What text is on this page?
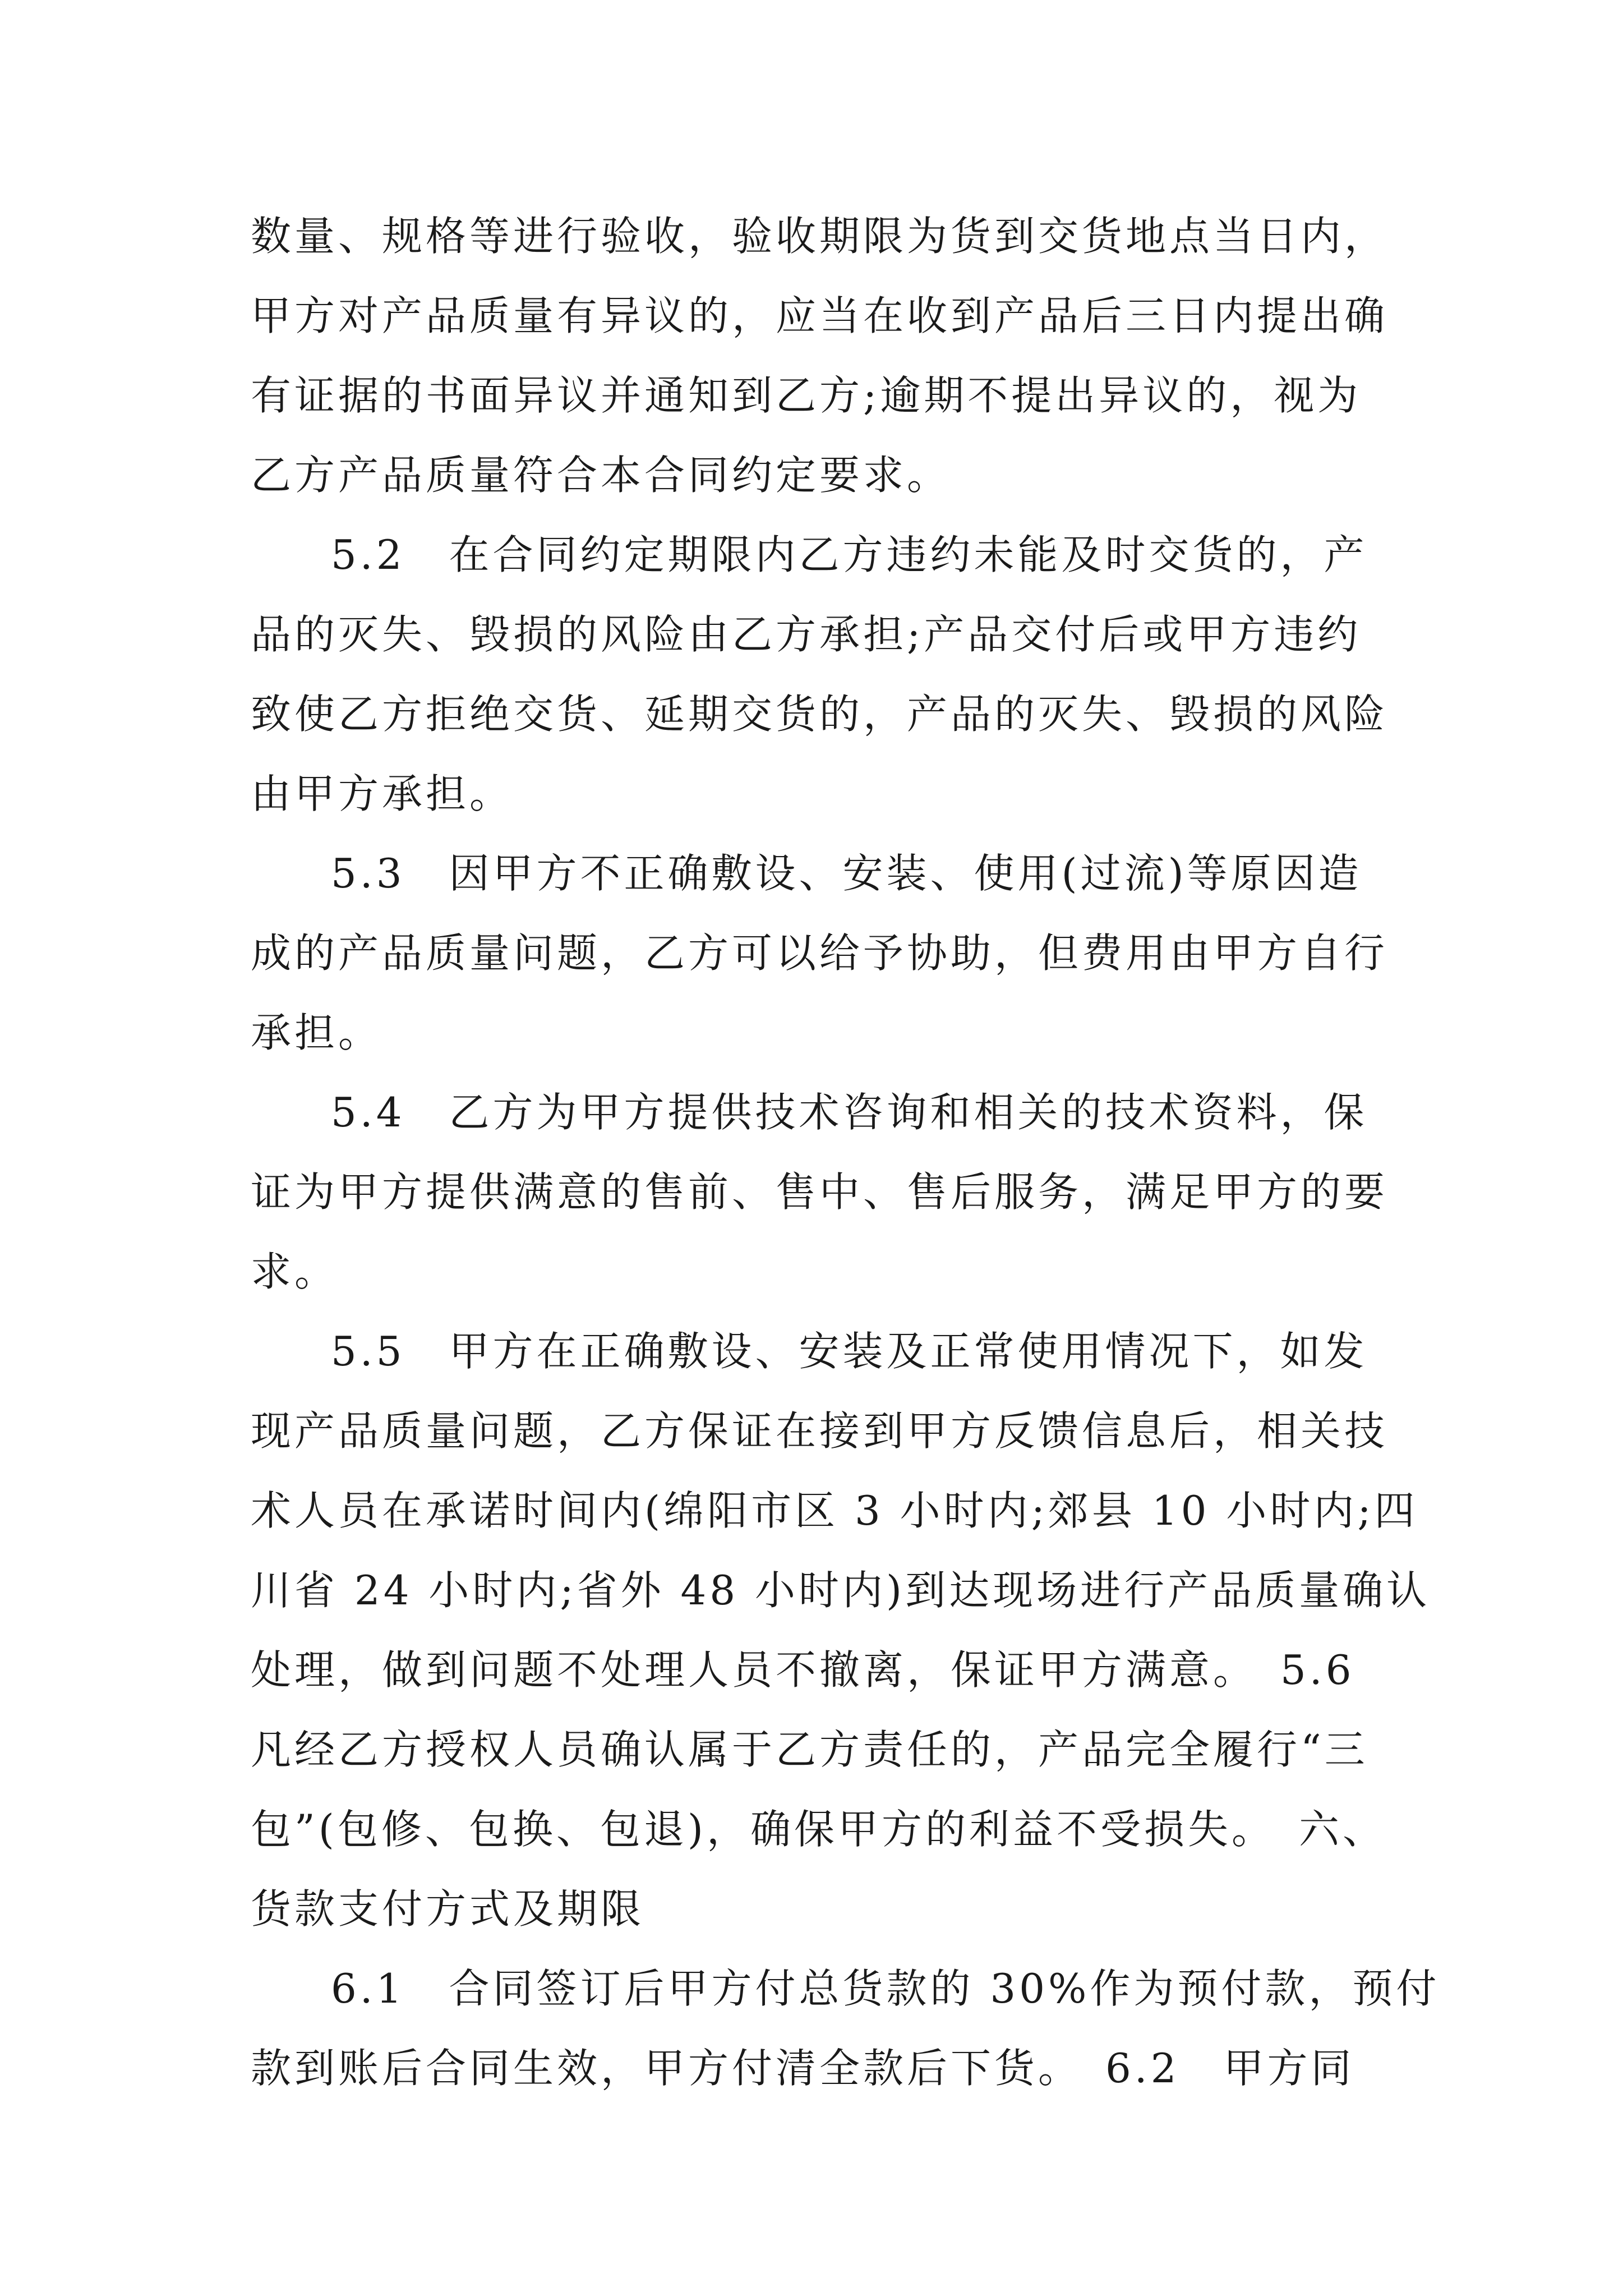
数量、规格等进行验收，验收期限为货到交货地点当日内，
甲方对产品质量有异议的，应当在收到产品后三日内提出确
有证据的书面异议并通知到乙方;逾期不提出异议的，视为
乙方产品质量符合本合同约定要求。
5.2　在合同约定期限内乙方违约未能及时交货的，产
品的灭失、毁损的风险由乙方承担;产品交付后或甲方违约
致使乙方拒绝交货、延期交货的，产品的灭失、毁损的风险
由甲方承担。
5.3　因甲方不正确敷设、安装、使用(过流)等原因造
成的产品质量问题，乙方可以给予协助，但费用由甲方自行
承担。
5.4　乙方为甲方提供技术咨询和相关的技术资料，保
证为甲方提供满意的售前、售中、售后服务，满足甲方的要
求。
5.5　甲方在正确敷设、安装及正常使用情况下，如发
现产品质量问题，乙方保证在接到甲方反馈信息后，相关技
术人员在承诺时间内(绵阳市区 3 小时内;郊县 10 小时内;四
川省 24 小时内;省外 48 小时内)到达现场进行产品质量确认
处理，做到问题不处理人员不撤离，保证甲方满意。　5.6
凡经乙方授权人员确认属于乙方责任的，产品完全履行“三
包”(包修、包换、包退)，确保甲方的利益不受损失。　六、
货款支付方式及期限
6.1　合同签订后甲方付总货款的 30%作为预付款，预付
款到账后合同生效，甲方付清全款后下货。　6.2　甲方同
